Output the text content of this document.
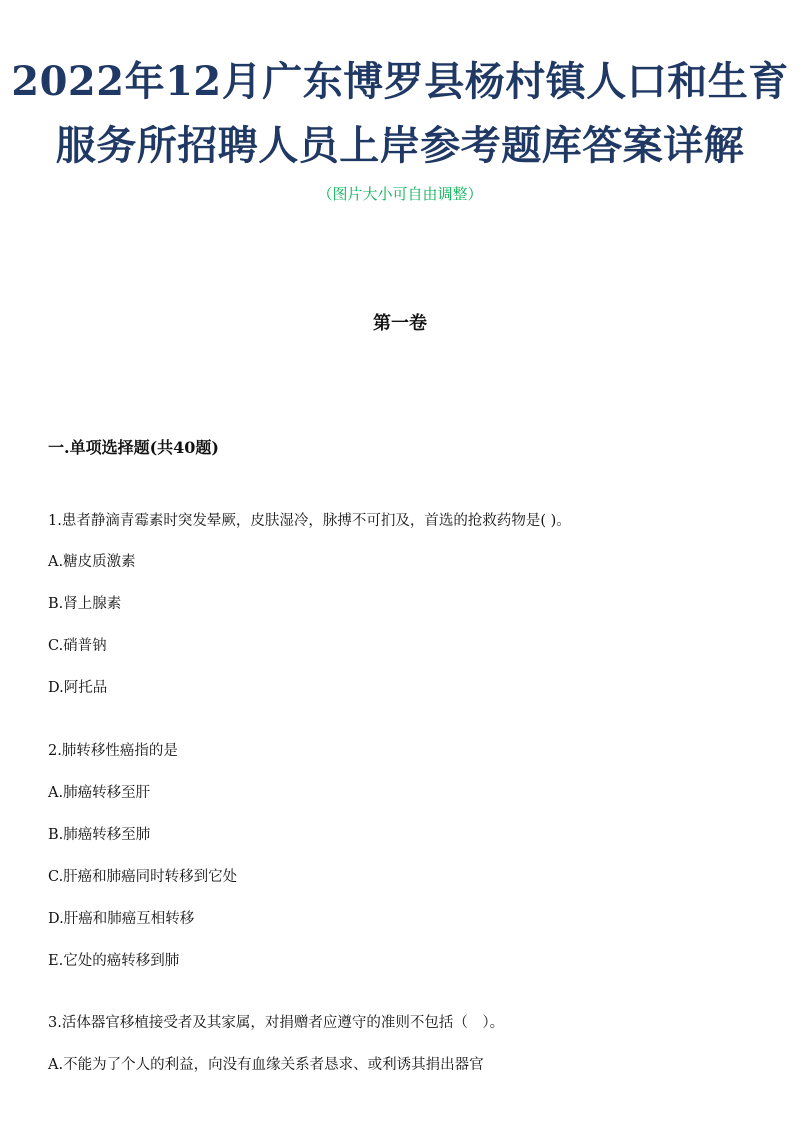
2022年12月广东博罗县杨村镇人口和生育
服务所招聘人员上岸参考题库答案详解
（图片大小可自由调整）
第一卷
一.单项选择题(共40题)
1.患者静滴青霉素时突发晕厥，皮肤湿冷，脉搏不可扪及，首选的抢救药物是( )。
A.糖皮质激素
B.肾上腺素
C.硝普钠
D.阿托品
2.肺转移性癌指的是
A.肺癌转移至肝
B.肺癌转移至肺
C.肝癌和肺癌同时转移到它处
D.肝癌和肺癌互相转移
E.它处的癌转移到肺
3.活体器官移植接受者及其家属，对捐赠者应遵守的准则不包括（　）。
A.不能为了个人的利益，向没有血缘关系者恳求、或利诱其捐出器官
